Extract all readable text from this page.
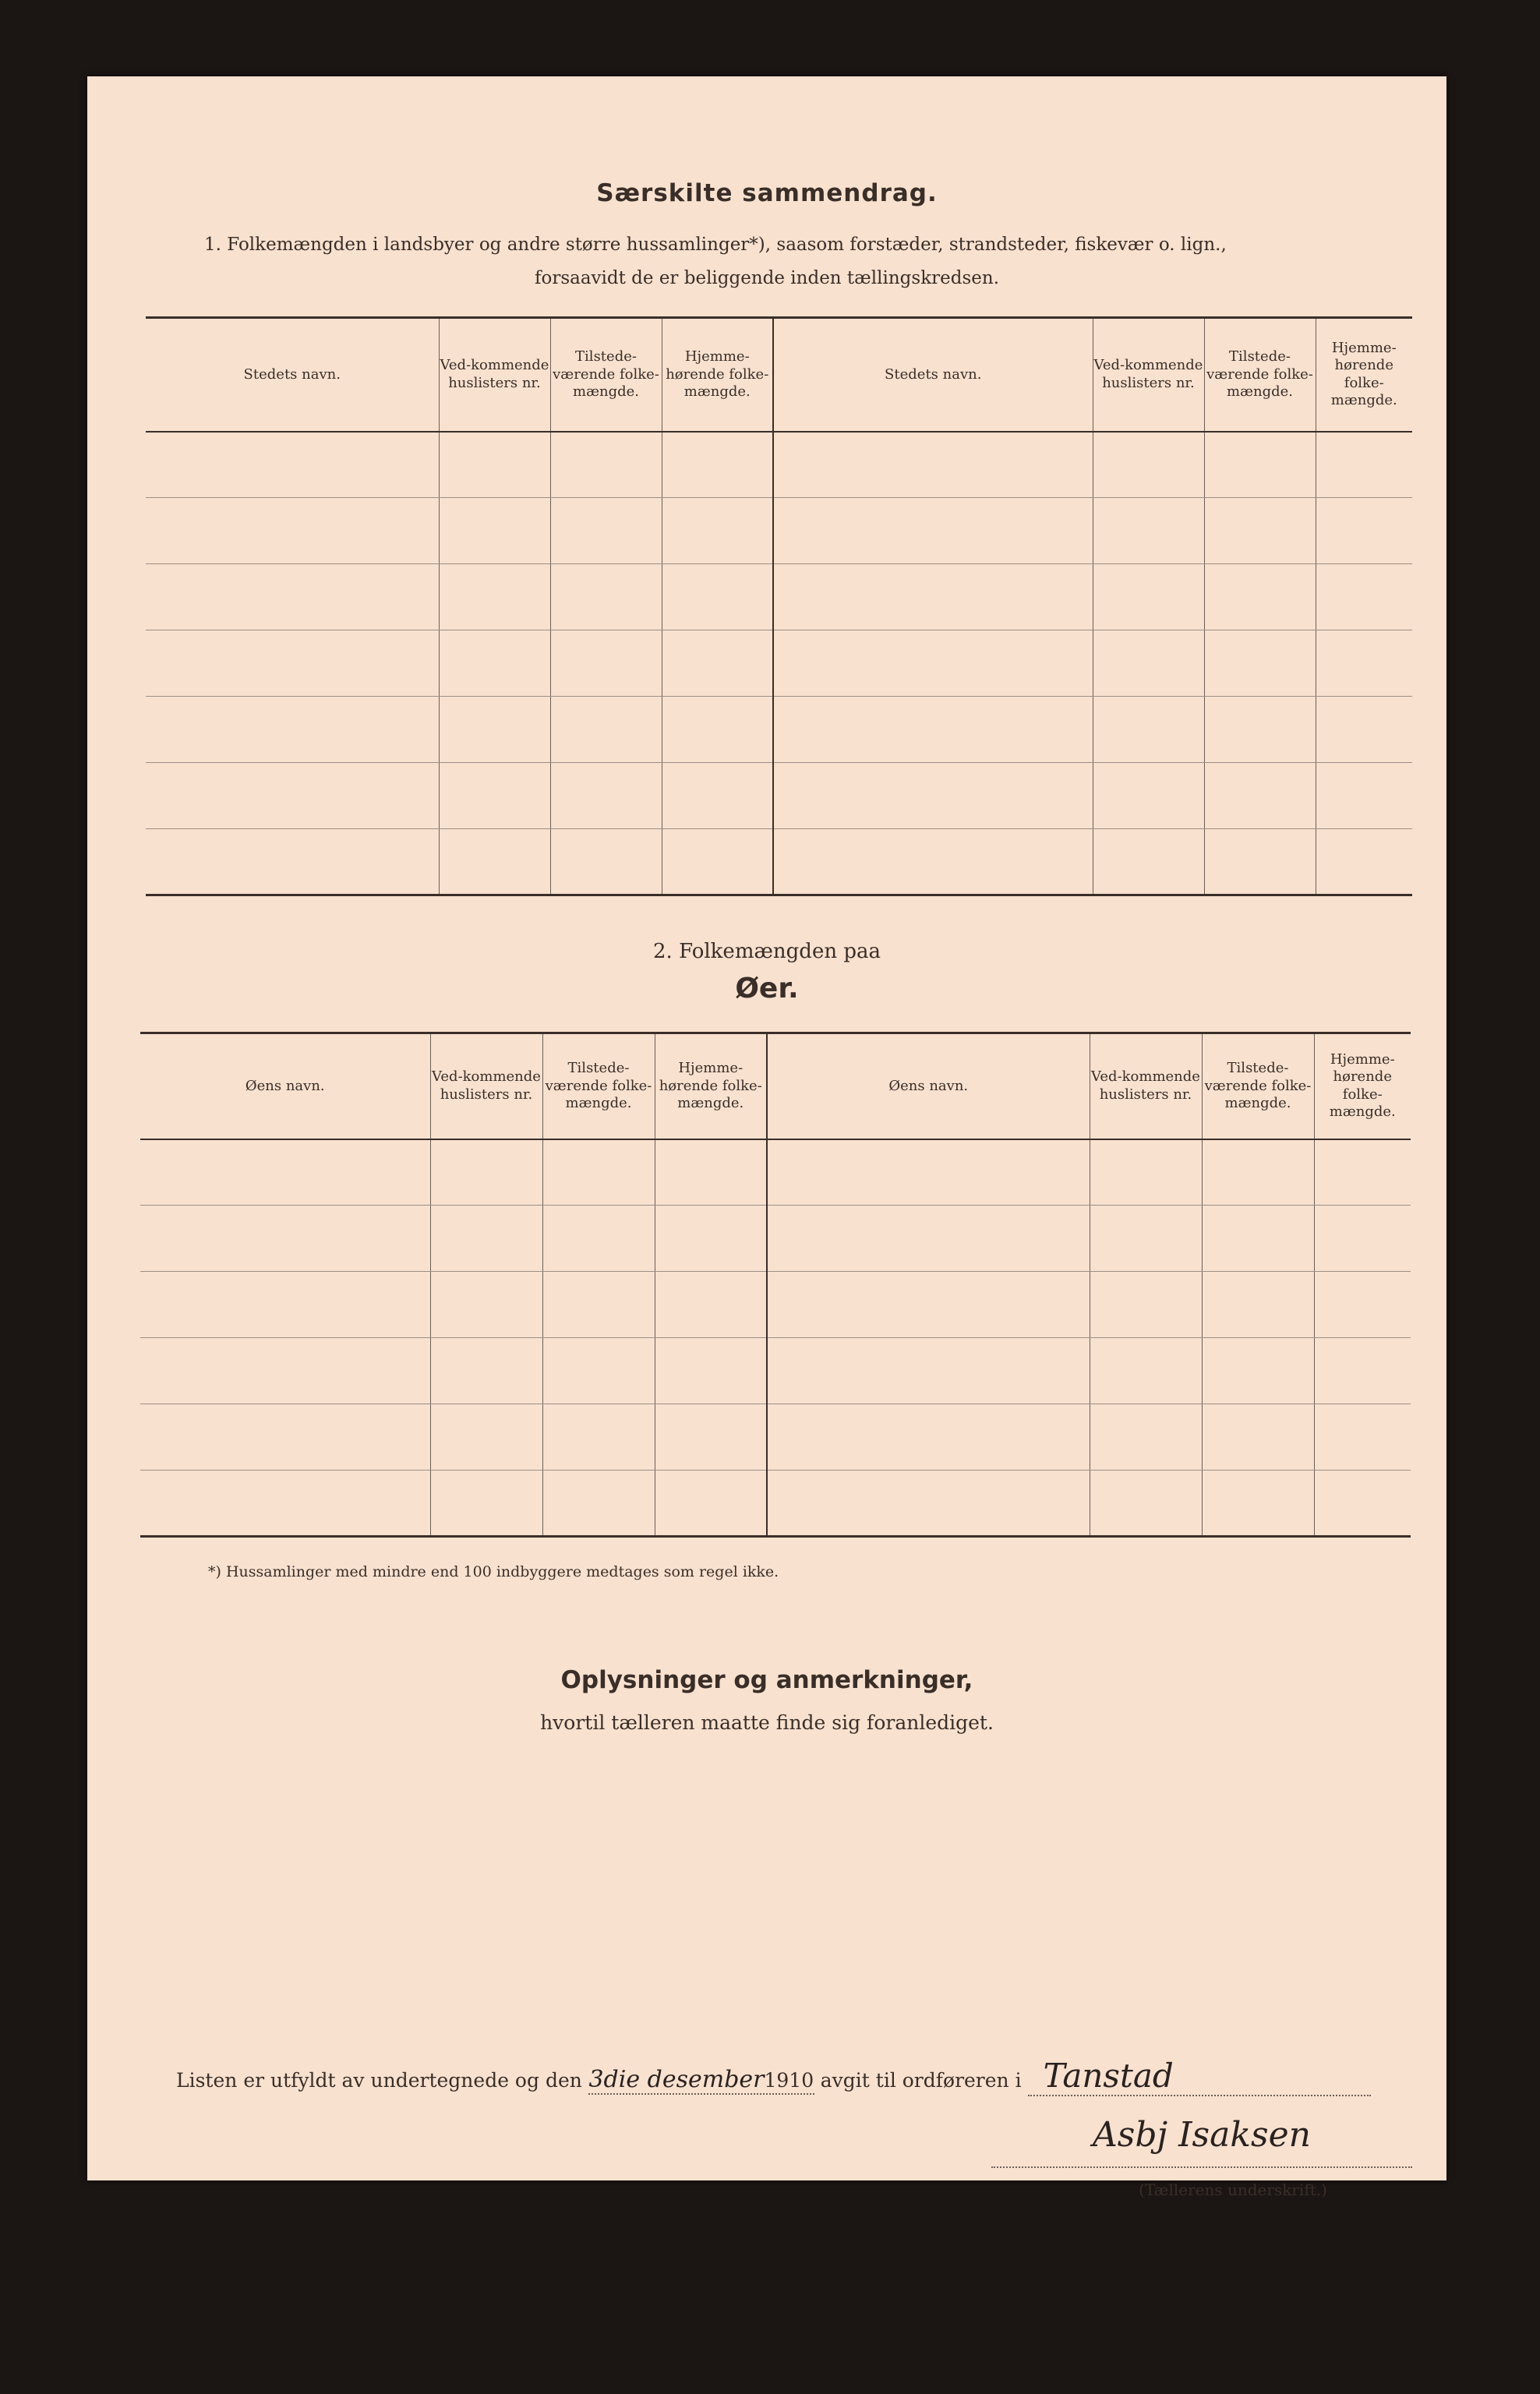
Særskilte sammendrag.
1. Folkemængden i landsbyer og andre større hussamlinger*), saasom forstæder, strandsteder, fiskevær o. lign.,
forsaavidt de er beliggende inden tællingskredsen.
Stedets navn.	Ved-kommende huslisters nr.	Tilstede-værende folke-mængde.	Hjemme-hørende folke-mængde.	Stedets navn.	Ved-kommende huslisters nr.	Tilstede-værende folke-mængde.	Hjemme-hørende folke-mængde.

2. Folkemængden paa
Øer.
Øens navn.	Ved-kommende huslisters nr.	Tilstede-værende folke-mængde.	Hjemme-hørende folke-mængde.	Øens navn.	Ved-kommende huslisters nr.	Tilstede-værende folke-mængde.	Hjemme-hørende folke-mængde.

*) Hussamlinger med mindre end 100 indbyggere medtages som regel ikke.
Oplysninger og anmerkninger,
hvortil tælleren maatte finde sig foranlediget.
Listen er utfyldt av undertegnede og den 3die desember1910 avgit til ordføreren i Tanstad
Asbj Isaksen
(Tællerens underskrift.)
